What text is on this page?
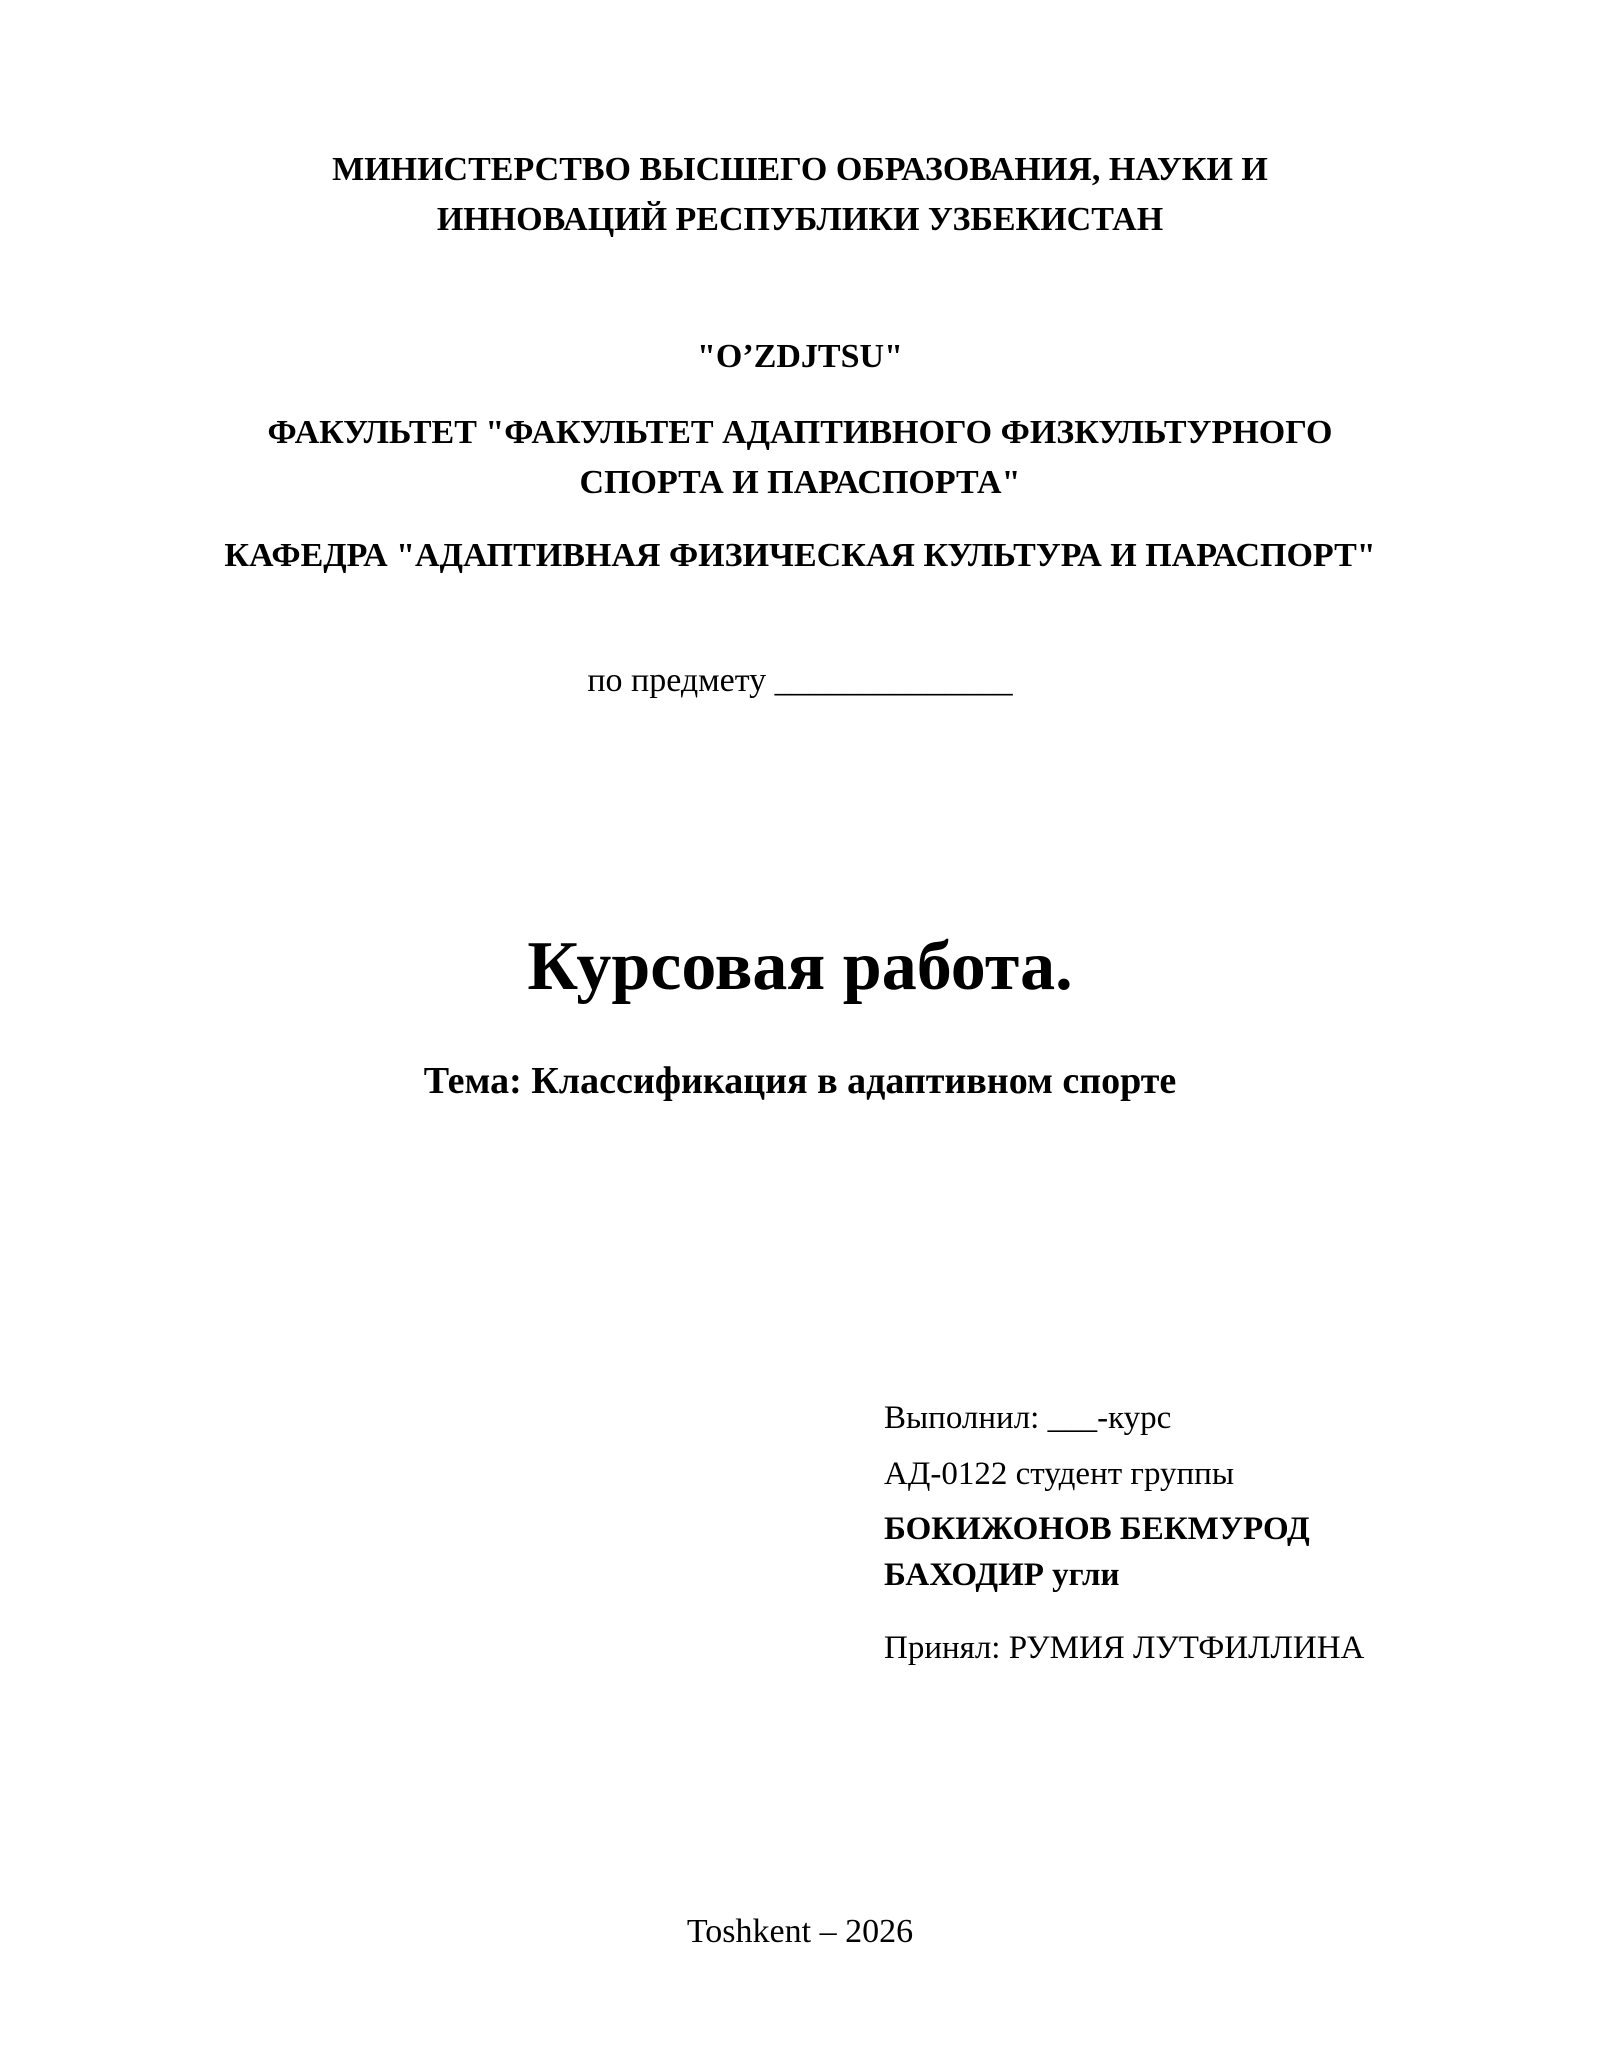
МИНИСТЕРСТВО ВЫСШЕГО ОБРАЗОВАНИЯ, НАУКИ И
ИННОВАЦИЙ РЕСПУБЛИКИ УЗБЕКИСТАН
"O’ZDJTSU"
ФАКУЛЬТЕТ "ФАКУЛЬТЕТ АДАПТИВНОГО ФИЗКУЛЬТУРНОГО
СПОРТА И ПАРАСПОРТА"
КАФЕДРА "АДАПТИВНАЯ ФИЗИЧЕСКАЯ КУЛЬТУРА И ПАРАСПОРТ"
по предмету ______________
Курсовая работа.
Тема: Классификация в адаптивном спорте
Выполнил: ___-курс
АД-0122 студент группы
БОКИЖОНОВ БЕКМУРОД
БАХОДИР угли
Принял: РУМИЯ ЛУТФИЛЛИНА
Toshkent – 2026
